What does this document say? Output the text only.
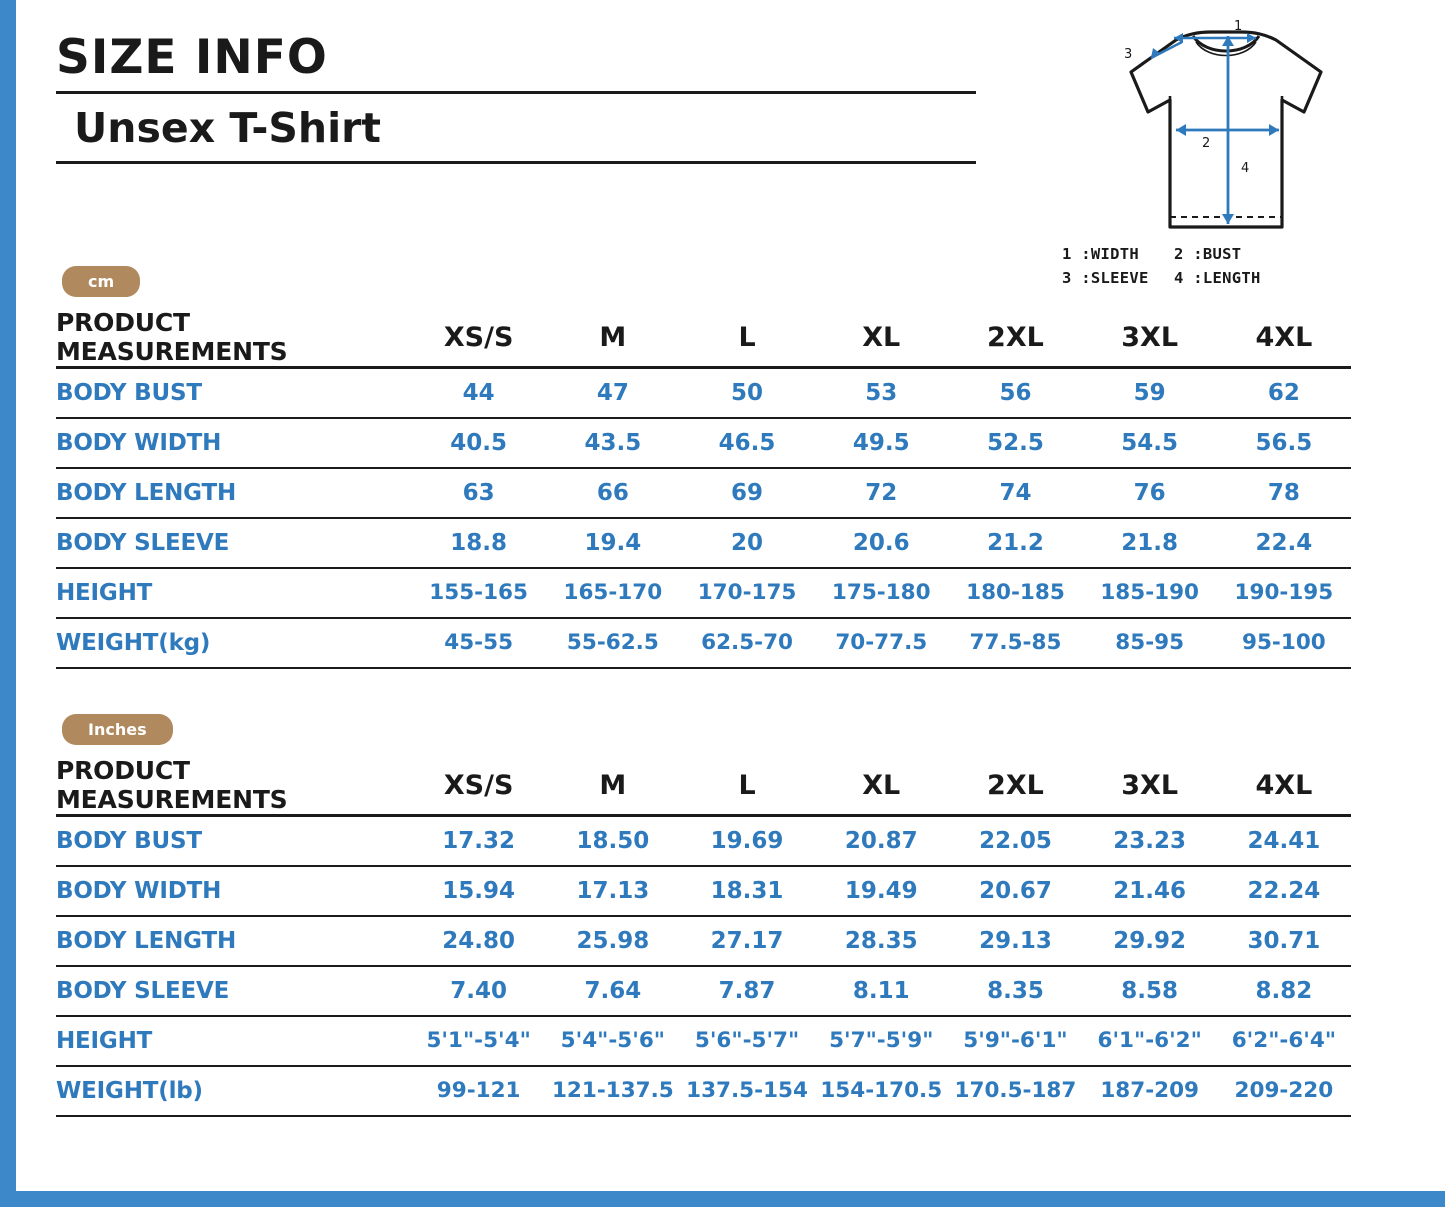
SIZE INFO
Unsex T-Shirt
1
3
2
4
1 :WIDTH 2 :BUST
3 :SLEEVE 4 :LENGTH
cm
PRODUCT MEASUREMENTS	XS/S	M	L	XL	2XL	3XL	4XL
BODY BUST	44	47	50	53	56	59	62
BODY WIDTH	40.5	43.5	46.5	49.5	52.5	54.5	56.5
BODY LENGTH	63	66	69	72	74	76	78
BODY SLEEVE	18.8	19.4	20	20.6	21.2	21.8	22.4
HEIGHT	155-165	165-170	170-175	175-180	180-185	185-190	190-195
WEIGHT(kg)	45-55	55-62.5	62.5-70	70-77.5	77.5-85	85-95	95-100
Inches
PRODUCT MEASUREMENTS	XS/S	M	L	XL	2XL	3XL	4XL
BODY BUST	17.32	18.50	19.69	20.87	22.05	23.23	24.41
BODY WIDTH	15.94	17.13	18.31	19.49	20.67	21.46	22.24
BODY LENGTH	24.80	25.98	27.17	28.35	29.13	29.92	30.71
BODY SLEEVE	7.40	7.64	7.87	8.11	8.35	8.58	8.82
HEIGHT	5'1"-5'4"	5'4"-5'6"	5'6"-5'7"	5'7"-5'9"	5'9"-6'1"	6'1"-6'2"	6'2"-6'4"
WEIGHT(lb)	99-121	121-137.5	137.5-154	154-170.5	170.5-187	187-209	209-220
